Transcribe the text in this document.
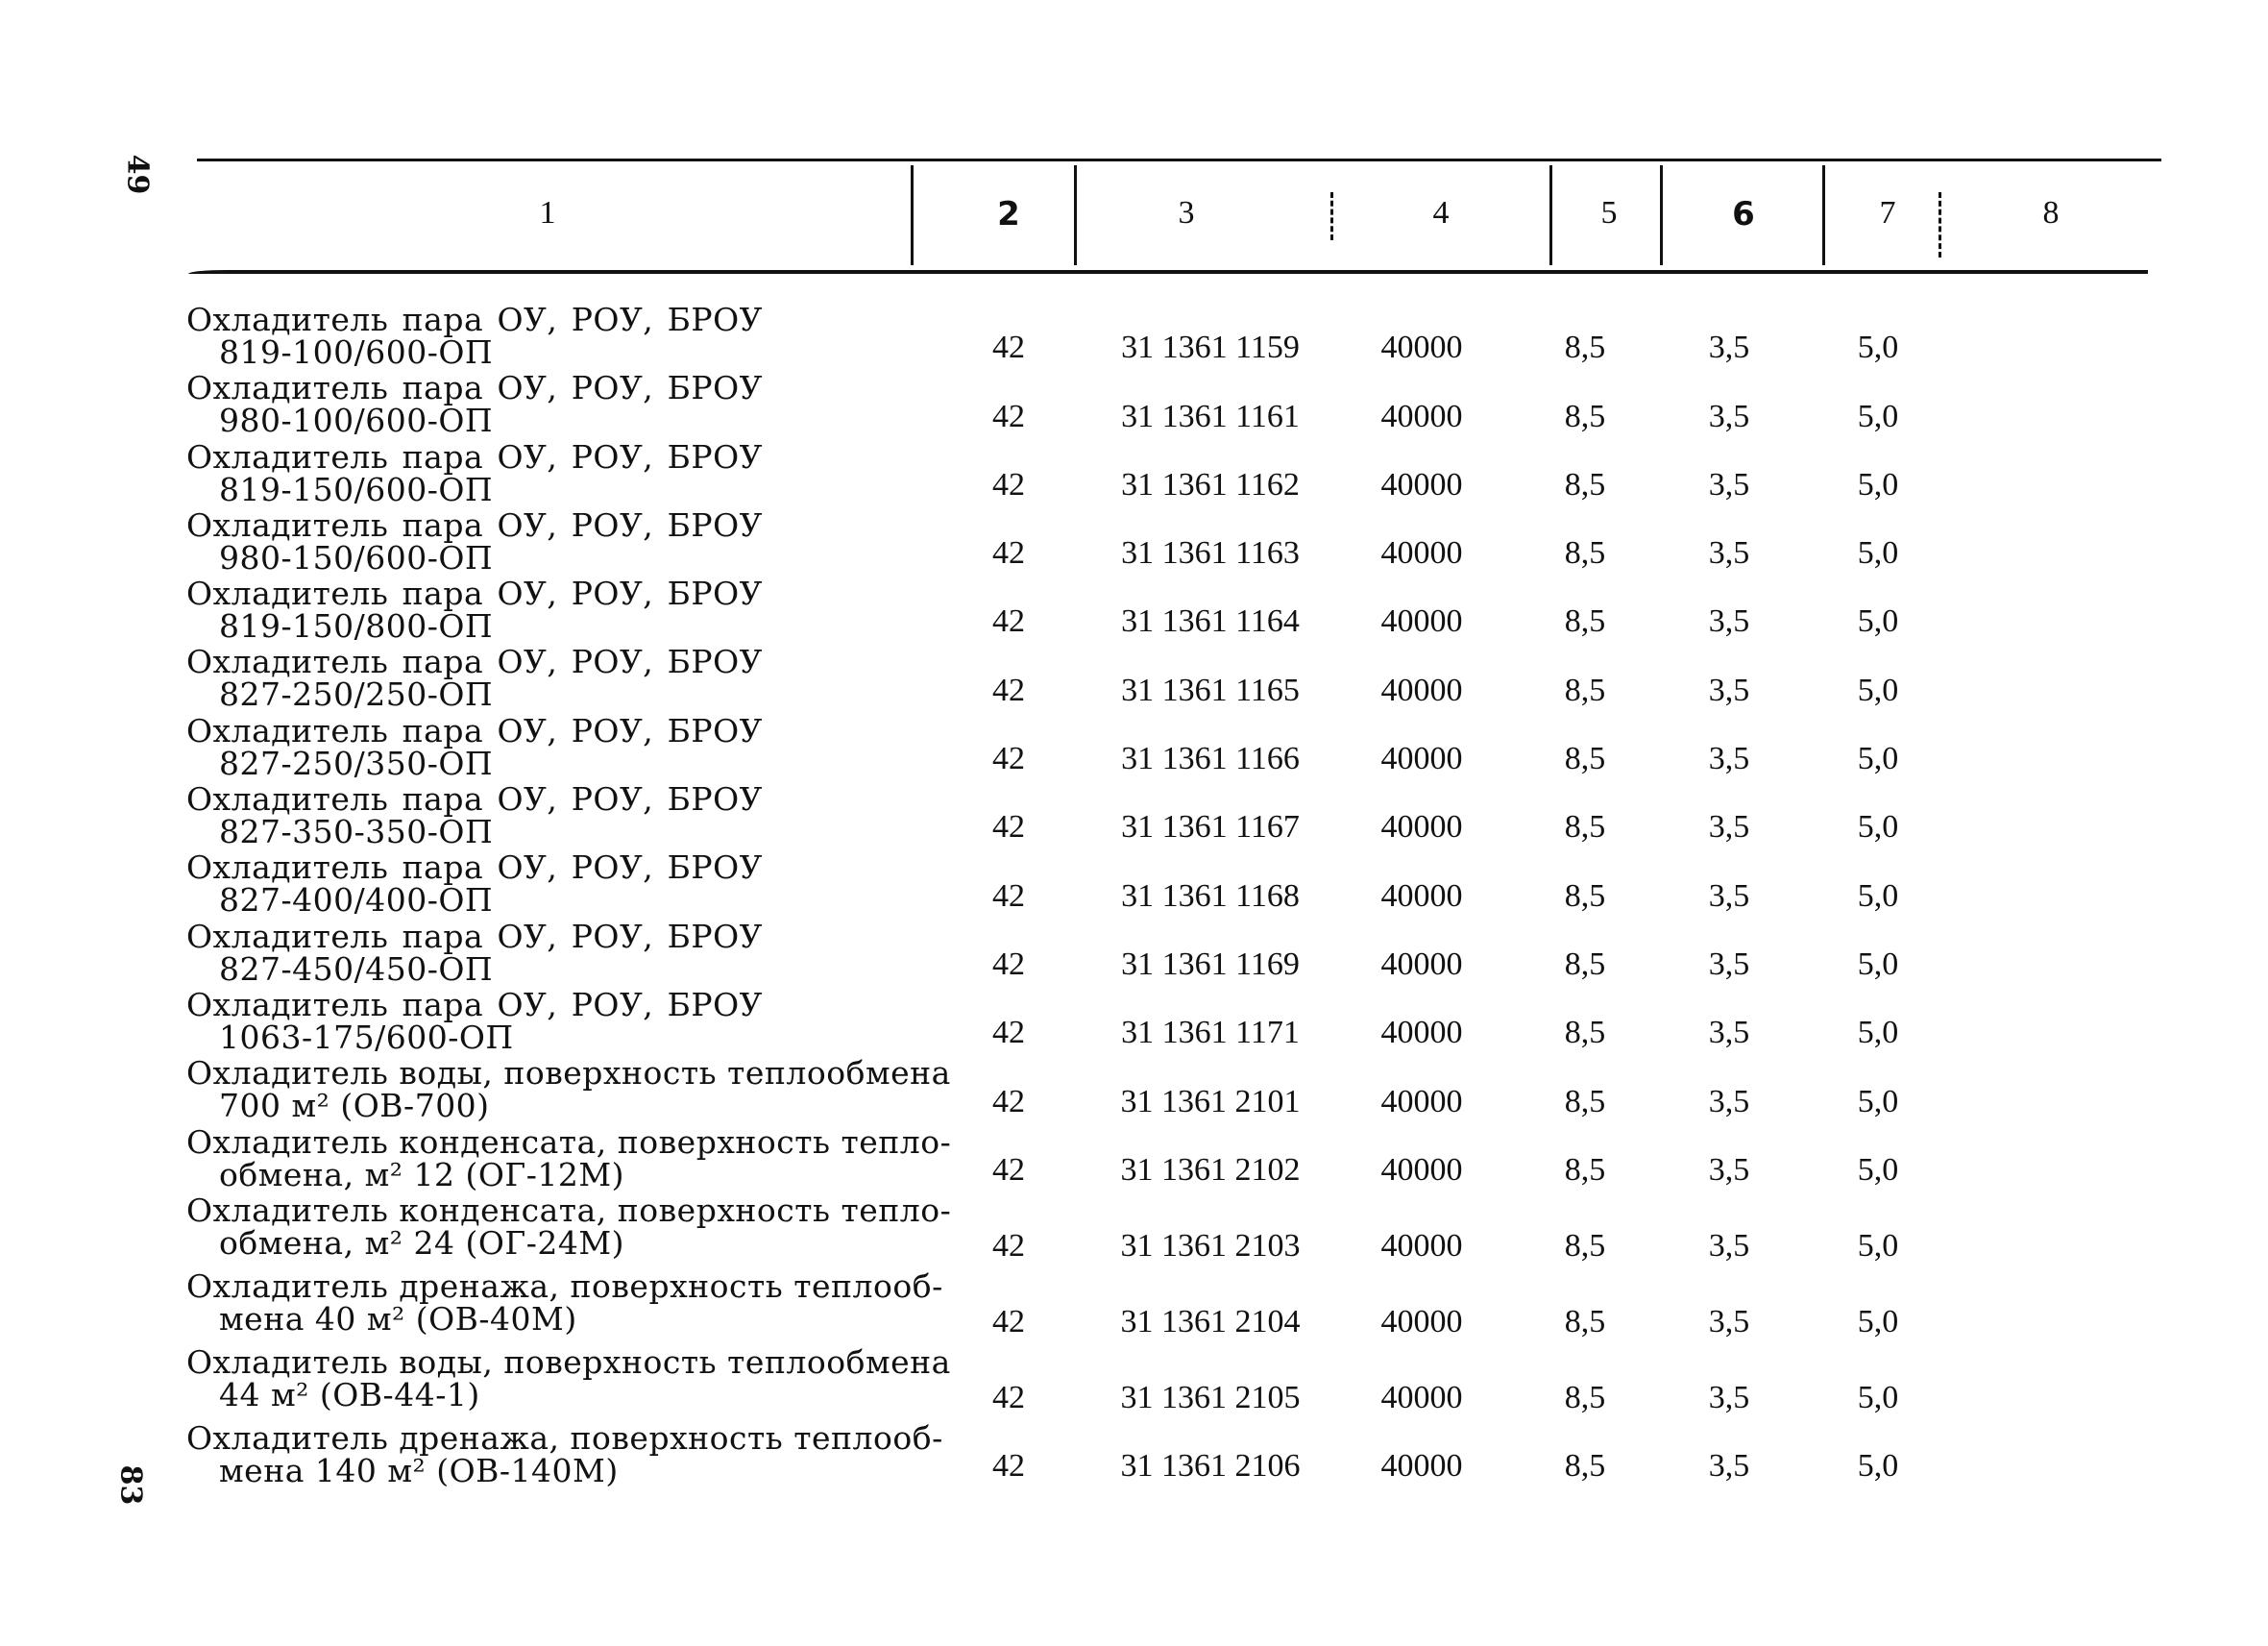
49
83
1	2	3	4	5	6	7	8
Охладитель пара ОУ, РОУ, БРОУ
819-100/600-ОП	42	31 1361 1159	40000	8,5	3,5	5,0
Охладитель пара ОУ, РОУ, БРОУ
980-100/600-ОП	42	31 1361 1161	40000	8,5	3,5	5,0
Охладитель пара ОУ, РОУ, БРОУ
819-150/600-ОП	42	31 1361 1162	40000	8,5	3,5	5,0
Охладитель пара ОУ, РОУ, БРОУ
980-150/600-ОП	42	31 1361 1163	40000	8,5	3,5	5,0
Охладитель пара ОУ, РОУ, БРОУ
819-150/800-ОП	42	31 1361 1164	40000	8,5	3,5	5,0
Охладитель пара ОУ, РОУ, БРОУ
827-250/250-ОП	42	31 1361 1165	40000	8,5	3,5	5,0
Охладитель пара ОУ, РОУ, БРОУ
827-250/350-ОП	42	31 1361 1166	40000	8,5	3,5	5,0
Охладитель пара ОУ, РОУ, БРОУ
827-350-350-ОП	42	31 1361 1167	40000	8,5	3,5	5,0
Охладитель пара ОУ, РОУ, БРОУ
827-400/400-ОП	42	31 1361 1168	40000	8,5	3,5	5,0
Охладитель пара ОУ, РОУ, БРОУ
827-450/450-ОП	42	31 1361 1169	40000	8,5	3,5	5,0
Охладитель пара ОУ, РОУ, БРОУ
1063-175/600-ОП	42	31 1361 1171	40000	8,5	3,5	5,0
Охладитель воды, поверхность теплообмена
700 м² (ОВ-700)	42	31 1361 2101	40000	8,5	3,5	5,0
Охладитель конденсата, поверхность тепло-
обмена, м² 12 (ОГ-12М)	42	31 1361 2102	40000	8,5	3,5	5,0
Охладитель конденсата, поверхность тепло-
обмена, м² 24 (ОГ-24М)	42	31 1361 2103	40000	8,5	3,5	5,0
Охладитель дренажа, поверхность теплооб-
мена 40 м² (ОВ-40М)	42	31 1361 2104	40000	8,5	3,5	5,0
Охладитель воды, поверхность теплообмена
44 м² (ОВ-44-1)	42	31 1361 2105	40000	8,5	3,5	5,0
Охладитель дренажа, поверхность теплооб-
мена 140 м² (ОВ-140М)	42	31 1361 2106	40000	8,5	3,5	5,0
